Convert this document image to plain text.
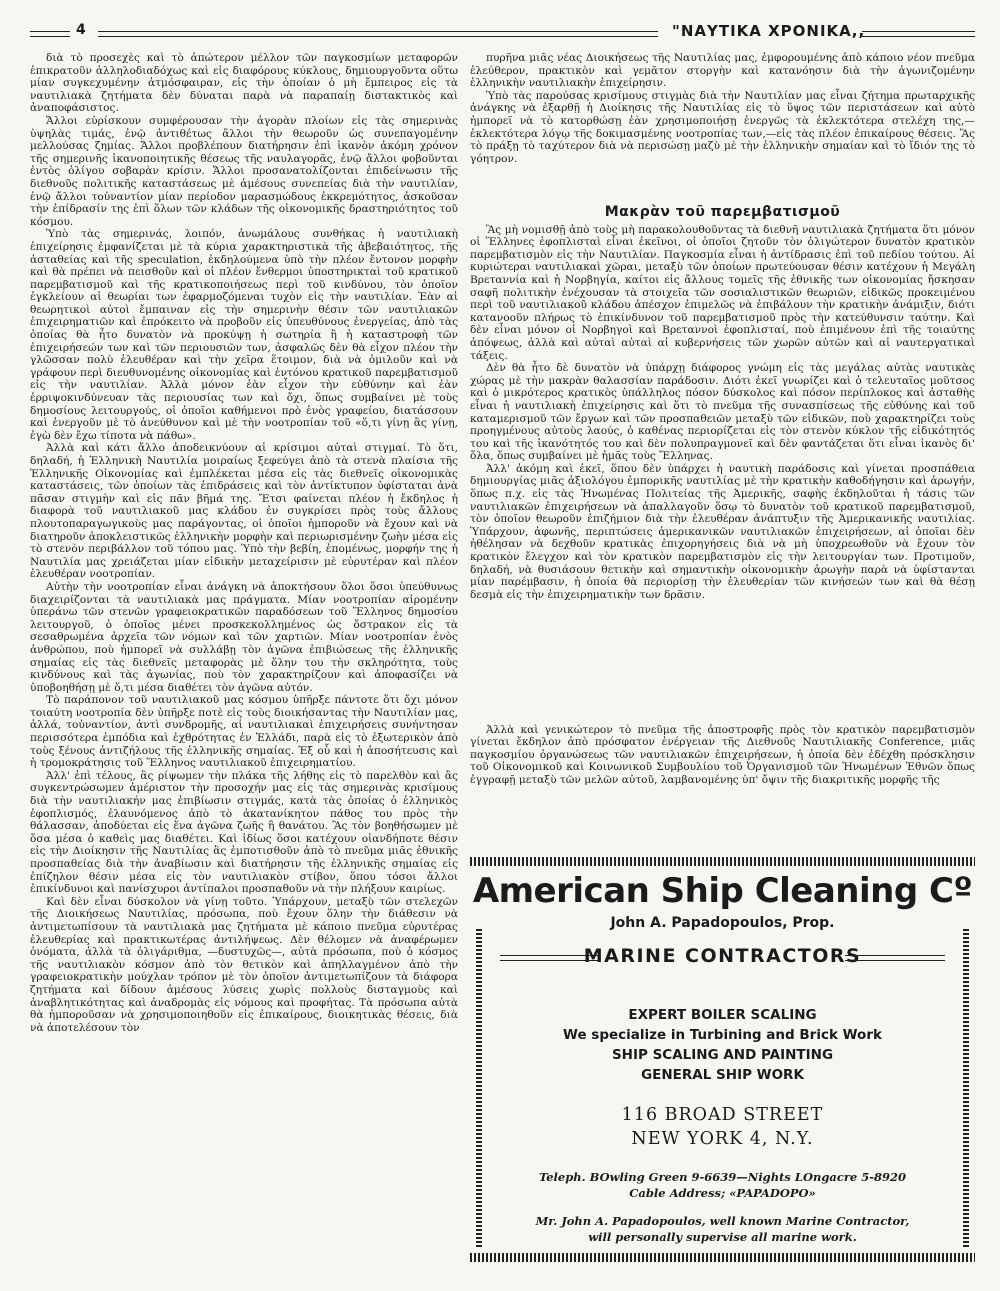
4	"ΝΑΥΤΙΚΑ ΧΡΟΝΙΚΑ,,

διὰ τὸ προσεχὲς καὶ τὸ ἀπώτερον μέλλον τῶν παγκοσμίων μεταφορῶν ἐπικρατοῦν ἀλληλοδιαδόχως καὶ εἰς διαφόρους κύκλους, δημιουργοῦντα οὕτω μίαν συγκεχυμένην ἀτμόσφαιραν, εἰς τὴν ὁποίαν ὁ μὴ ἔμπειρος εἰς τὰ ναυτιλιακὰ ζητήματα δὲν δύναται παρὰ νὰ παραπαίῃ διστακτικὸς καὶ ἀναποφάσιστος.

Ἄλλοι εὑρίσκουν συμφέρουσαν τὴν ἀγορὰν πλοίων εἰς τὰς σημερινὰς ὑψηλὰς τιμάς, ἐνῷ ἀντιθέτως ἄλλοι τὴν θεωροῦν ὡς συνεπαγομένην μελλούσας ζημίας. Ἄλλοι προβλέπουν διατήρησιν ἐπὶ ἱκανὸν ἀκόμη χρόνον τῆς σημερινῆς ἱκανοποιητικῆς θέσεως τῆς ναυλαγορᾶς, ἐνῷ ἄλλοι φοβοῦνται ἐντὸς ὀλίγου σοβαρὰν κρίσιν. Ἄλλοι προσανατολίζονται ἐπιδείνωσιν τῆς διεθνοῦς πολιτικῆς καταστάσεως μὲ ἀμέσους συνεπείας διὰ τὴν ναυτιλίαν, ἐνῷ ἄλλοι τοὐναντίον μίαν περίοδον μαρασμώδους ἐκκρεμότητος, ἀσκοῦσαν τὴν ἐπίδρασίν της ἐπὶ ὅλων τῶν κλάδων τῆς οἰκονομικῆς δραστηριότητος τοῦ κόσμου.

Ὑπὸ τὰς σημερινάς, λοιπόν, ἀνωμάλους συνθήκας ἡ ναυτιλιακὴ ἐπιχείρησις ἐμφανίζεται μὲ τὰ κύρια χαρακτηριστικὰ τῆς ἀβεβαιότητος, τῆς ἀσταθείας καὶ τῆς speculation, ἐκδηλούμενα ὑπὸ τὴν πλέον ἔντονον μορφὴν καὶ θὰ πρέπει νὰ πεισθοῦν καὶ οἱ πλέον ἔνθερμοι ὑποστηρικταὶ τοῦ κρατικοῦ παρεμβατισμοῦ καὶ τῆς κρατικοποιήσεως περὶ τοῦ κινδύνου, τὸν ὁποῖον ἐγκλείουν αἱ θεωρίαι των ἐφαρμοζόμεναι τυχὸν εἰς τὴν ναυτιλίαν. Ἐὰν αἱ θεωρητικοὶ αὐτοὶ ἔμπαιναν εἰς τὴν σημερινὴν θέσιν τῶν ναυτιλιακῶν ἐπιχειρηματιῶν καὶ ἐπρόκειτο νὰ προβοῦν εἰς ὑπευθύνους ἐνεργείας, ἀπὸ τὰς ὁποίας θὰ ἦτο δυνατὸν νὰ προκύψῃ ἡ σωτηρία ἢ ἡ καταστροφὴ τῶν ἐπιχειρήσεών των καὶ τῶν περιουσιῶν των, ἀσφαλῶς δὲν θὰ εἶχον πλέον τὴν γλῶσσαν πολὺ ἐλευθέραν καὶ τὴν χεῖρα ἕτοιμον, διὰ νὰ ὁμιλοῦν καὶ νὰ γράφουν περὶ διευθυνομένης οἰκονομίας καὶ ἐντόνου κρατικοῦ παρεμβατισμοῦ εἰς τὴν ναυτιλίαν. Ἀλλὰ μόνον ἐὰν εἶχον τὴν εὐθύνην καὶ ἐὰν ἐρριψοκινδύνευαν τὰς περιουσίας των καὶ ὄχι, ὅπως συμβαίνει μὲ τοὺς δημοσίους λειτουργούς, οἱ ὁποῖοι καθήμενοι πρὸ ἑνὸς γραφείου, διατάσσουν καὶ ἐνεργοῦν μὲ τὸ ἀνεύθυνον καὶ μὲ τὴν νοοτροπίαν τοῦ «ὅ,τι γίνῃ ἂς γίνῃ, ἐγὼ δὲν ἔχω τίποτα νὰ πάθω».

Ἀλλὰ καὶ κάτι ἄλλο ἀποδεικνύουν αἱ κρίσιμοι αὐταὶ στιγμαί. Τὸ ὅτι, δηλαδή, ἡ Ἑλληνικὴ Ναυτιλία μοιραίως ξεφεύγει ἀπὸ τὰ στενὰ πλαίσια τῆς Ἑλληνικῆς Οἰκονομίας καὶ ἐμπλέκεται μέσα εἰς τὰς διεθνεῖς οἰκονομικὰς καταστάσεις, τῶν ὁποίων τὰς ἐπιδράσεις καὶ τὸν ἀντίκτυπον ὑφίσταται ἀνὰ πᾶσαν στιγμὴν καὶ εἰς πᾶν βῆμά της. Ἔτσι φαίνεται πλέον ἡ ἔκδηλος ἡ διαφορὰ τοῦ ναυτιλιακοῦ μας κλάδου ἐν συγκρίσει πρὸς τοὺς ἄλλους πλουτοπαραγωγικοὺς μας παράγοντας, οἱ ὁποῖοι ἠμποροῦν νὰ ἔχουν καὶ νὰ διατηροῦν ἀποκλειστικῶς ἑλληνικὴν μορφὴν καὶ περιωρισμένην ζωὴν μέσα εἰς τὸ στενὸν περιβάλλον τοῦ τόπου μας. Ὑπὸ τὴν βεβίη, ἐπομένως, μορφήν της ἡ Ναυτιλία μας χρειάζεται μίαν εἰδικὴν μεταχείρισιν μὲ εὐρυτέραν καὶ πλέον ἐλευθέραν νοοτροπίαν.

Αὐτὴν τὴν νοοτροπίαν εἶναι ἀνάγκη νὰ ἀποκτήσουν ὅλοι ὅσοι ὑπεύθυνως διαχειρίζονται τὰ ναυτιλιακὰ μας πράγματα. Μίαν νοοτροπίαν αἰρομένην ὑπεράνω τῶν στενῶν γραφειοκρατικῶν παραδόσεων τοῦ Ἕλληνος δημοσίου λειτουργοῦ, ὁ ὁποῖος μένει προσκεκολλημένος ὡς ὄστρακον εἰς τὰ σεσαθρωμένα ἀρχεῖα τῶν νόμων καὶ τῶν χαρτιῶν. Μίαν νοοτροπίαν ἑνὸς ἀνθρώπου, ποὺ ἠμπορεῖ νὰ συλλάβῃ τὸν ἀγῶνα ἐπιβιώσεως τῆς ἑλληνικῆς σημαίας εἰς τὰς διεθνεῖς μεταφορὰς μὲ ὅλην του τὴν σκληρότητα, τοὺς κινδύνους καὶ τὰς ἀγωνίας, ποὺ τὸν χαρακτηρίζουν καὶ ἀποφασίζει νὰ ὑποβοηθήσῃ μὲ ὅ,τι μέσα διαθέτει τὸν ἀγῶνα αὐτόν.

Τὸ παράπονον τοῦ ναυτιλιακοῦ μας κόσμου ὑπῆρξε πάντοτε ὅτι ὄχι μόνον τοιαύτη νοοτροπία δὲν ὑπῆρξε ποτὲ εἰς τοὺς διοικήσαντας τὴν Ναυτιλίαν μας, ἀλλά, τοὐναντίον, ἀντὶ συνδρομῆς, αἱ ναυτιλιακαὶ ἐπιχειρήσεις συνήντησαν περισσότερα ἐμπόδια καὶ ἐχθρότητας ἐν Ἑλλάδι, παρὰ εἰς τὸ ἐξωτερικὸν ἀπὸ τοὺς ξένους ἀντιζήλους τῆς ἑλληνικῆς σημαίας. Ἐξ οὗ καὶ ἡ ἀποσήτευσις καὶ ἡ τρομοκράτησις τοῦ Ἕλληνος ναυτιλιακοῦ ἐπιχειρηματίου.

Ἀλλ' ἐπὶ τέλους, ἂς ρίψωμεν τὴν πλάκα τῆς λήθης εἰς τὸ παρελθὸν καὶ ἂς συγκεντρώσωμεν ἀμέριστον τὴν προσοχήν μας εἰς τὰς σημερινὰς κρισίμους διὰ τὴν ναυτιλιακήν μας ἐπιβίωσιν στιγμάς, κατὰ τὰς ὁποίας ὁ ἑλληνικὸς ἐφοπλισμός, ἐλαυνόμενος ἀπὸ τὸ ἀκατανίκητον πάθος του πρὸς τὴν θάλασσαν, ἀποδύεται εἰς ἕνα ἀγῶνα ζωῆς ἢ θανάτου. Ἂς τὸν βοηθήσωμεν μὲ ὅσα μέσα ὁ καθεὶς μας διαθέτει. Καὶ ἰδίως ὅσοι κατέχουν οἱανδήποτε θέσιν εἰς τὴν Διοίκησιν τῆς Ναυτιλίας ἂς ἐμποτισθοῦν ἀπὸ τὸ πνεῦμα μιᾶς ἐθνικῆς προσπαθείας διὰ τὴν ἀναβίωσιν καὶ διατήρησιν τῆς ἑλληνικῆς σημαίας εἰς ἐπίζηλον θέσιν μέσα εἰς τὸν ναυτιλιακὸν στίβον, ὅπου τόσοι ἄλλοι ἐπικίνδυνοι καὶ πανίσχυροι ἀντίπαλοι προσπαθοῦν νὰ τὴν πλήξουν καιρίως.

Καὶ δὲν εἶναι δύσκολον νὰ γίνῃ τοῦτο. Ὑπάρχουν, μεταξὺ τῶν στελεχῶν τῆς Διοικήσεως Ναυτιλίας, πρόσωπα, ποὺ ἔχουν ὅλην τὴν διάθεσιν νὰ ἀντιμετωπίσουν τὰ ναυτιλιακὰ μας ζητήματα μὲ κάποιο πνεῦμα εὐρυτέρας ἐλευθερίας καὶ πρακτικωτέρας ἀντιλήψεως. Δὲν θέλομεν νὰ ἀναφέρωμεν ὀνόματα, ἀλλὰ τὰ ὀλιγάριθμα, —δυστυχῶς—, αὐτὰ πρόσωπα, ποὺ ὁ κόσμος τῆς ναυτιλιακὸν κόσμον ἀπὸ τὸν θετικὸν καὶ ἀπηλλαγμένον ἀπὸ τὴν γραφειοκρατικὴν μούχλαν τρόπον μὲ τὸν ὁποῖον ἀντιμετωπίζουν τὰ διάφορα ζητήματα καὶ δίδουν ἀμέσους λύσεις χωρὶς πολλοὺς δισταγμοὺς καὶ ἀναβλητικότητας καὶ ἀναδρομὰς εἰς νόμους καὶ προφήτας. Τὰ πρόσωπα αὐτὰ θὰ ἠμποροῦσαν νὰ χρησιμοποιηθοῦν εἰς ἐπικαίρους, διοικητικὰς θέσεις, διὰ νὰ ἀποτελέσουν τὸν

πυρῆνα μιᾶς νέας Διοικήσεως τῆς Ναυτιλίας μας, ἐμφορουμένης ἀπὸ κάποιο νέον πνεῦμα ἐλεύθερον, πρακτικὸν καὶ γεμᾶτον στοργὴν καὶ κατανόησιν διὰ τὴν ἀγωνιζομένην ἑλληνικὴν ναυτιλιακὴν ἐπιχείρησιν.

Ὑπὸ τὰς παρούσας κρισίμους στιγμὰς διὰ τὴν Ναυτιλίαν μας εἶναι ζήτημα πρωταρχικῆς ἀνάγκης νὰ ἐξαρθῇ ἡ Διοίκησις τῆς Ναυτιλίας εἰς τὸ ὕψος τῶν περιστάσεων καὶ αὐτὸ ἠμπορεῖ νὰ τὸ κατορθώσῃ ἐὰν χρησιμοποιήσῃ ἐνεργῶς τὰ ἐκλεκτότερα στελέχη της,—ἐκλεκτότερα λόγῳ τῆς δοκιμασμένης νοοτροπίας των,—εἰς τὰς πλέον ἐπικαίρους θέσεις. Ἂς τὸ πράξῃ τὸ ταχύτερον διὰ νὰ περισώσῃ μαζὺ μὲ τὴν ἑλληνικὴν σημαίαν καὶ τὸ ἴδιόν της τὸ γόητρον.

Μακρὰν τοῦ παρεμβατισμοῦ

Ἂς μὴ νομισθῇ ἀπὸ τοὺς μὴ παρακολουθοῦντας τὰ διεθνῆ ναυτιλιακὰ ζητήματα ὅτι μόνον οἱ Ἕλληνες ἐφοπλισταὶ εἶναι ἐκεῖνοι, οἱ ὁποῖοι ζητοῦν τὸν ὀλιγώτερον δυνατὸν κρατικὸν παρεμβατισμὸν εἰς τὴν Ναυτιλίαν. Παγκοσμία εἶναι ἡ ἀντίδρασις ἐπὶ τοῦ πεδίου τούτου. Αἱ κυριώτεραι ναυτιλιακαὶ χῶραι, μεταξὺ τῶν ὁποίων πρωτεύουσαν θέσιν κατέχουν ἡ Μεγάλη Βρεταννία καὶ ἡ Νορβηγία, καίτοι εἰς ἄλλους τομεῖς τῆς ἐθνικῆς των οἰκονομίας ἤσκησαν σαφῆ πολιτικὴν ἐνέχουσαν τὰ στοιχεῖα τῶν σοσιαλιστικῶν θεωριῶν, εἰδικῶς προκειμένου περὶ τοῦ ναυτιλιακοῦ κλάδου ἀπέσχον ἐπιμελῶς νὰ ἐπιβάλουν τὴν κρατικὴν ἀνάμιξιν, διότι κατανοοῦν πλήρως τὸ ἐπικίνδυνον τοῦ παρεμβατισμοῦ πρὸς τὴν κατεύθυνσιν ταύτην. Καὶ δὲν εἶναι μόνον οἱ Νορβηγοὶ καὶ Βρεταννοὶ ἐφοπλισταί, ποὺ ἐπιμένουν ἐπὶ τῆς τοιαύτης ἀπόψεως, ἀλλὰ καὶ αὐταὶ αὐταὶ αἱ κυβερνήσεις τῶν χωρῶν αὐτῶν καὶ αἱ ναυτεργατικαὶ τάξεις.

Δὲν θὰ ἦτο δὲ δυνατὸν νὰ ὑπάρχῃ διάφορος γνώμη εἰς τὰς μεγάλας αὐτὰς ναυτικὰς χώρας μὲ τὴν μακρὰν θαλασσίαν παράδοσιν. Διότι ἐκεῖ γνωρίζει καὶ ὁ τελευταῖος μοῦτσος καὶ ὁ μικρότερος κρατικὸς ὑπάλληλος πόσον δύσκολος καὶ πόσον περίπλοκος καὶ ἀσταθὴς εἶναι ἡ ναυτιλιακὴ ἐπιχείρησις καὶ ὅτι τὸ πνεῦμα τῆς συνασπίσεως τῆς εὐθύνης καὶ τοῦ καταμερισμοῦ τῶν ἔργων καὶ τῶν προσπαθειῶν μεταξὺ τῶν εἰδικῶν, ποὺ χαρακτηρίζει τοὺς προηγμένους αὐτοὺς λαούς, ὁ καθένας περιορίζεται εἰς τὸν στενὸν κύκλον τῆς εἰδικότητός του καὶ τῆς ἱκανότητός του καὶ δὲν πολυπραγμονεῖ καὶ δὲν φαντάζεται ὅτι εἶναι ἱκανὸς δι' ὅλα, ὅπως συμβαίνει μὲ ἡμᾶς τοὺς Ἕλληνας.

Ἀλλ' ἀκόμη καὶ ἐκεῖ, ὅπου δὲν ὑπάρχει ἡ ναυτικὴ παράδοσις καὶ γίνεται προσπάθεια δημιουργίας μιᾶς ἀξιολόγου ἐμπορικῆς ναυτιλίας μὲ τὴν κρατικὴν καθοδήγησιν καὶ ἀρωγήν, ὅπως π.χ. εἰς τὰς Ἡνωμένας Πολιτείας τῆς Ἀμερικῆς, σαφὴς ἐκδηλοῦται ἡ τάσις τῶν ναυτιλιακῶν ἐπιχειρήσεων νὰ ἀπαλλαγοῦν ὅσῳ τὸ δυνατὸν τοῦ κρατικοῦ παρεμβατισμοῦ, τὸν ὁποῖον θεωροῦν ἐπιζήμιον διὰ τὴν ἐλευθέραν ἀνάπτυξιν τῆς Ἀμερικανικῆς ναυτιλίας. Ὑπάρχουν, ἀφωνῆς, περιπτώσεις ἀμερικανικῶν ναυτιλιακῶν ἐπιχειρήσεων, αἱ ὁποῖαι δὲν ἠθέλησαν νὰ δεχθοῦν κρατικὰς ἐπιχορηγήσεις διὰ νὰ μὴ ὑποχρεωθοῦν νὰ ἔχουν τὸν κρατικὸν ἔλεγχον καὶ τὸν κρατικὸν παρεμβατισμὸν εἰς τὴν λειτουργίαν των. Προτιμοῦν, δηλαδή, νὰ θυσιάσουν θετικὴν καὶ σημαντικὴν οἰκονομικὴν ἀρωγὴν παρὰ νὰ ὑφίστανται μίαν παρέμβασιν, ἡ ὁποία θὰ περιορίσῃ τὴν ἐλευθερίαν τῶν κινήσεών των καὶ θὰ θέσῃ δεσμὰ εἰς τὴν ἐπιχειρηματικὴν των δρᾶσιν.

Ἀλλὰ καὶ γενικώτερον τὸ πνεῦμα τῆς ἀποστροφῆς πρὸς τὸν κρατικὸν παρεμβατισμὸν γίνεται ἔκδηλον ἀπὸ πρόσφατον ἐνέργειαν τῆς Διεθνοῦς Ναυτιλιακῆς Conference, μιᾶς παγκοσμίου ὀργανώσεως τῶν ναυτιλιακῶν ἐπιχειρήσεων, ἡ ὁποία δὲν ἐδέχθη πρόσκλησιν τοῦ Οἰκονομικοῦ καὶ Κοινωνικοῦ Συμβουλίου τοῦ Ὀργανισμοῦ τῶν Ἡνωμένων Ἐθνῶν ὅπως ἐγγραφῇ μεταξὺ τῶν μελῶν αὐτοῦ, λαμβανομένης ὑπ' ὄψιν τῆς διακριτικῆς μορφῆς τῆς

American Ship Cleaning Cº
John A. Papadopoulos, Prop.
MARINE CONTRACTORS
EXPERT BOILER SCALING
We specialize in Turbining and Brick Work
SHIP SCALING AND PAINTING
GENERAL SHIP WORK
116 BROAD STREET
NEW YORK 4, N.Y.
Teleph. BOwling Green 9-6639—Nights LOngacre 5-8920
Cable Address; «PAPADOPO»
Mr. John A. Papadopoulos, well known Marine Contractor,
will personally supervise all marine work.
